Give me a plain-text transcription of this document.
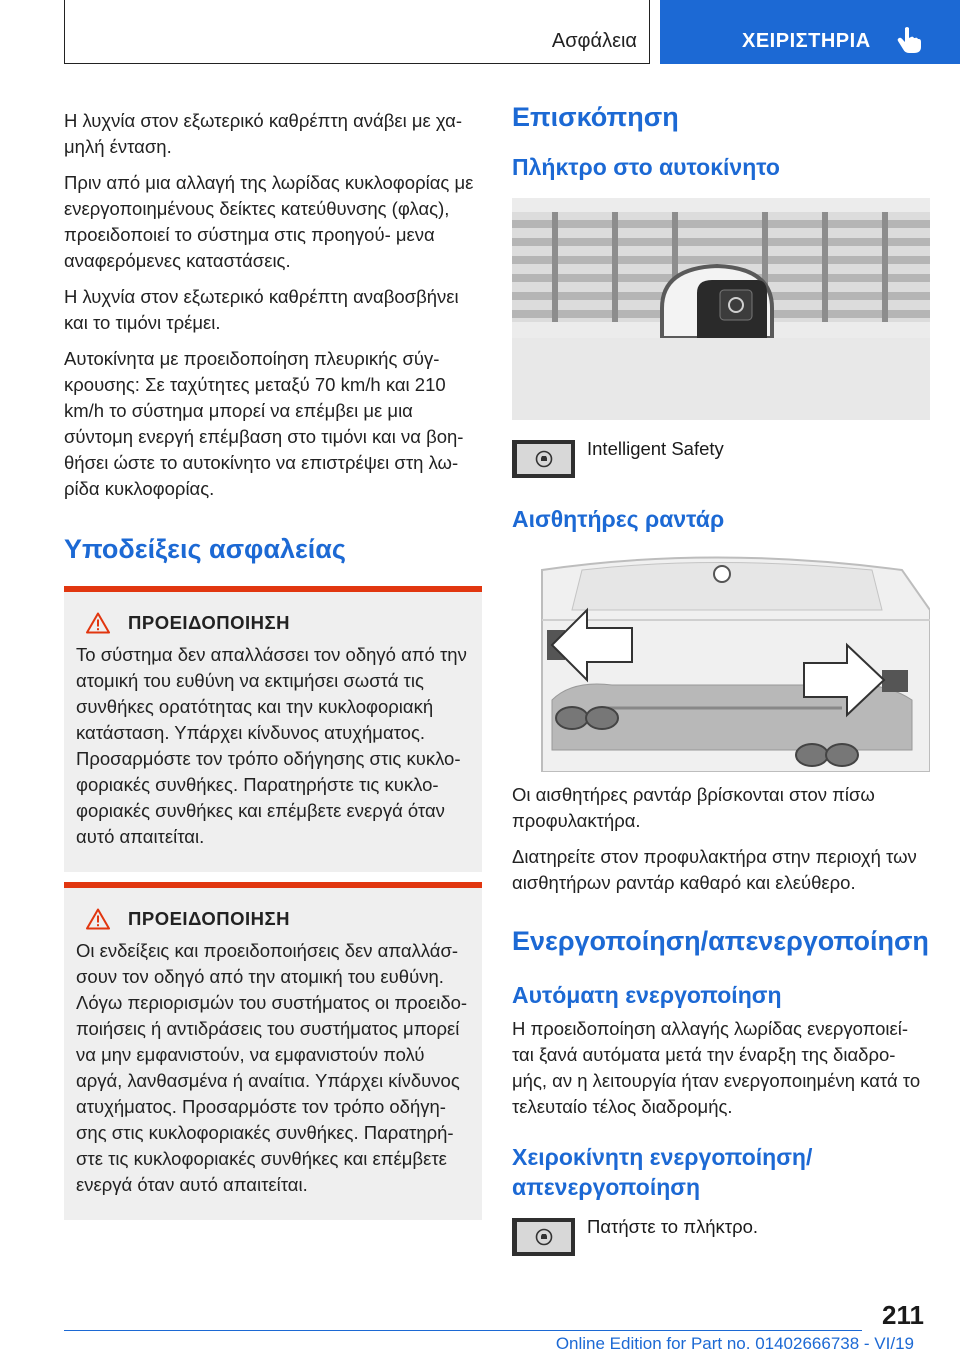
Ασφάλεια	ΧΕΙΡΙΣΤΗΡΙΑ

Η λυχνία στον εξωτερικό καθρέπτη ανάβει με χα- μηλή ένταση.

Πριν από μια αλλαγή της λωρίδας κυκλοφορίας με ενεργοποιημένους δείκτες κατεύθυνσης (φλας), προειδοποιεί το σύστημα στις προηγού- μενα αναφερόμενες καταστάσεις.

Η λυχνία στον εξωτερικό καθρέπτη αναβοσβήνει και το τιμόνι τρέμει.

Αυτοκίνητα με προειδοποίηση πλευρικής σύγ- κρουσης: Σε ταχύτητες μεταξύ 70 km/h και 210 km/h το σύστημα μπορεί να επέμβει με μια σύντομη ενεργή επέμβαση στο τιμόνι και να βοη- θήσει ώστε το αυτοκίνητο να επιστρέψει στη λω- ρίδα κυκλοφορίας.

Υποδείξεις ασφαλείας
ΠΡΟΕΙΔΟΠΟΙΗΣΗ

Το σύστημα δεν απαλλάσσει τον οδηγό από την ατομική του ευθύνη να εκτιμήσει σωστά τις συνθήκες ορατότητας και την κυκλοφοριακή κατάσταση. Υπάρχει κίνδυνος ατυχήματος. Προσαρμόστε τον τρόπο οδήγησης στις κυκλο- φοριακές συνθήκες. Παρατηρήστε τις κυκλο- φοριακές συνθήκες και επέμβετε ενεργά όταν αυτό απαιτείται.

ΠΡΟΕΙΔΟΠΟΙΗΣΗ

Οι ενδείξεις και προειδοποιήσεις δεν απαλλάσ- σουν τον οδηγό από την ατομική του ευθύνη. Λόγω περιορισμών του συστήματος οι προειδο- ποιήσεις ή αντιδράσεις του συστήματος μπορεί να μην εμφανιστούν, να εμφανιστούν πολύ αργά, λανθασμένα ή αναίτια. Υπάρχει κίνδυνος ατυχήματος. Προσαρμόστε τον τρόπο οδήγη- σης στις κυκλοφοριακές συνθήκες. Παρατηρή- στε τις κυκλοφοριακές συνθήκες και επέμβετε ενεργά όταν αυτό απαιτείται.

Επισκόπηση
Πλήκτρο στο αυτοκίνητο
Intelligent Safety
Αισθητήρες ραντάρ

Οι αισθητήρες ραντάρ βρίσκονται στον πίσω προφυλακτήρα.

Διατηρείτε στον προφυλακτήρα στην περιοχή των αισθητήρων ραντάρ καθαρό και ελεύθερο.

Ενεργοποίηση/απενεργοποίηση
Αυτόματη ενεργοποίηση

Η προειδοποίηση αλλαγής λωρίδας ενεργοποιεί- ται ξανά αυτόματα μετά την έναρξη της διαδρο- μής, αν η λειτουργία ήταν ενεργοποιημένη κατά το τελευταίο τέλος διαδρομής.

Χειροκίνητη ενεργοποίηση/ απενεργοποίηση
Πατήστε το πλήκτρο.
211
Online Edition for Part no. 01402666738 - VI/19
